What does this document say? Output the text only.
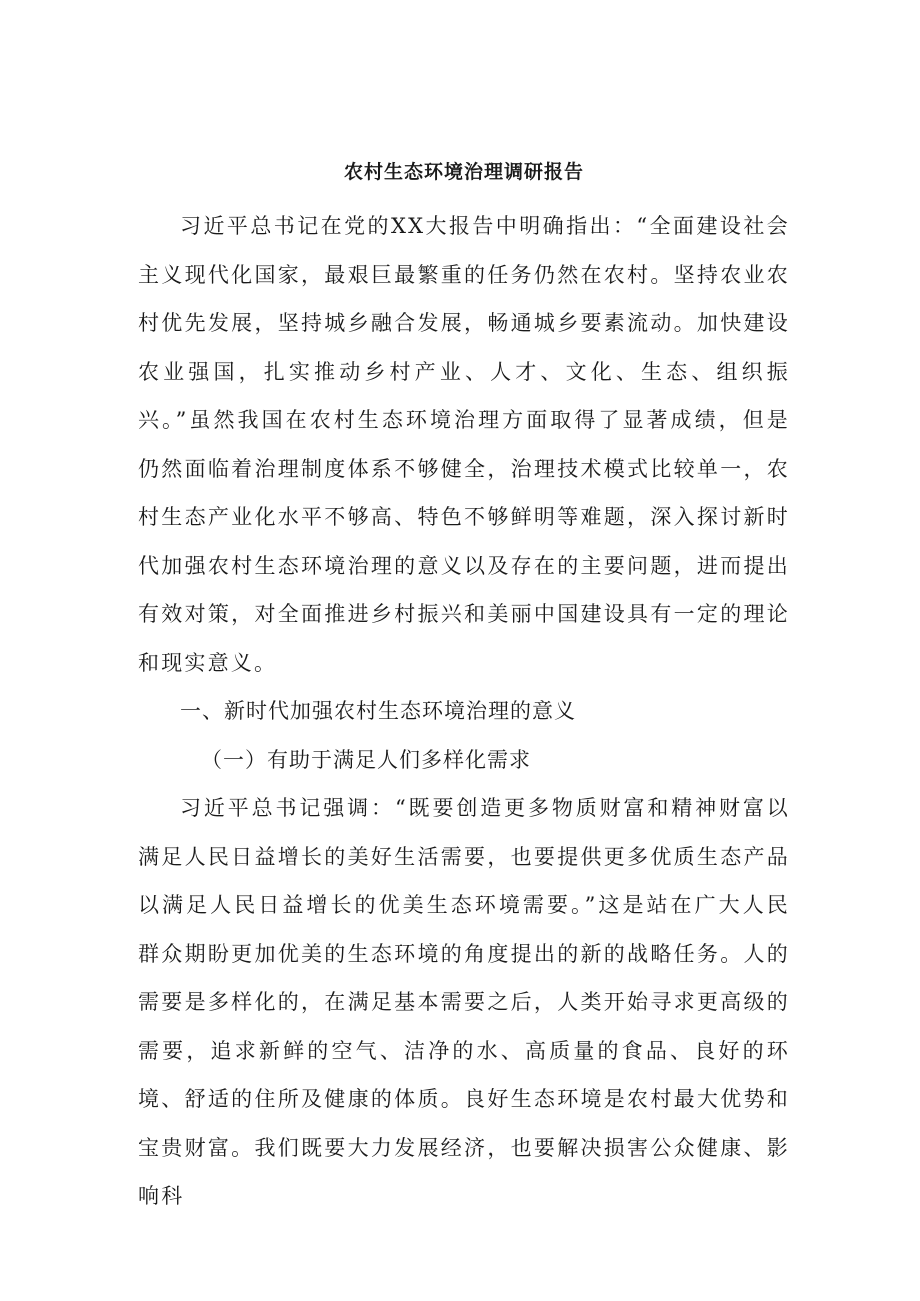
农村生态环境治理调研报告

习近平总书记在党的XX大报告中明确指出：“全面建设社会主义现代化国家，最艰巨最繁重的任务仍然在农村。坚持农业农村优先发展，坚持城乡融合发展，畅通城乡要素流动。加快建设农业强国，扎实推动乡村产业、人才、文化、生态、组织振兴。”虽然我国在农村生态环境治理方面取得了显著成绩，但是仍然面临着治理制度体系不够健全，治理技术模式比较单一，农村生态产业化水平不够高、特色不够鲜明等难题，深入探讨新时代加强农村生态环境治理的意义以及存在的主要问题，进而提出有效对策，对全面推进乡村振兴和美丽中国建设具有一定的理论和现实意义。

一、新时代加强农村生态环境治理的意义

（一）有助于满足人们多样化需求

习近平总书记强调：“既要创造更多物质财富和精神财富以满足人民日益增长的美好生活需要，也要提供更多优质生态产品以满足人民日益增长的优美生态环境需要。”这是站在广大人民群众期盼更加优美的生态环境的角度提出的新的战略任务。人的需要是多样化的，在满足基本需要之后，人类开始寻求更高级的需要，追求新鲜的空气、洁净的水、高质量的食品、良好的环境、舒适的住所及健康的体质。良好生态环境是农村最大优势和宝贵财富。我们既要大力发展经济，也要解决损害公众健康、影响科
